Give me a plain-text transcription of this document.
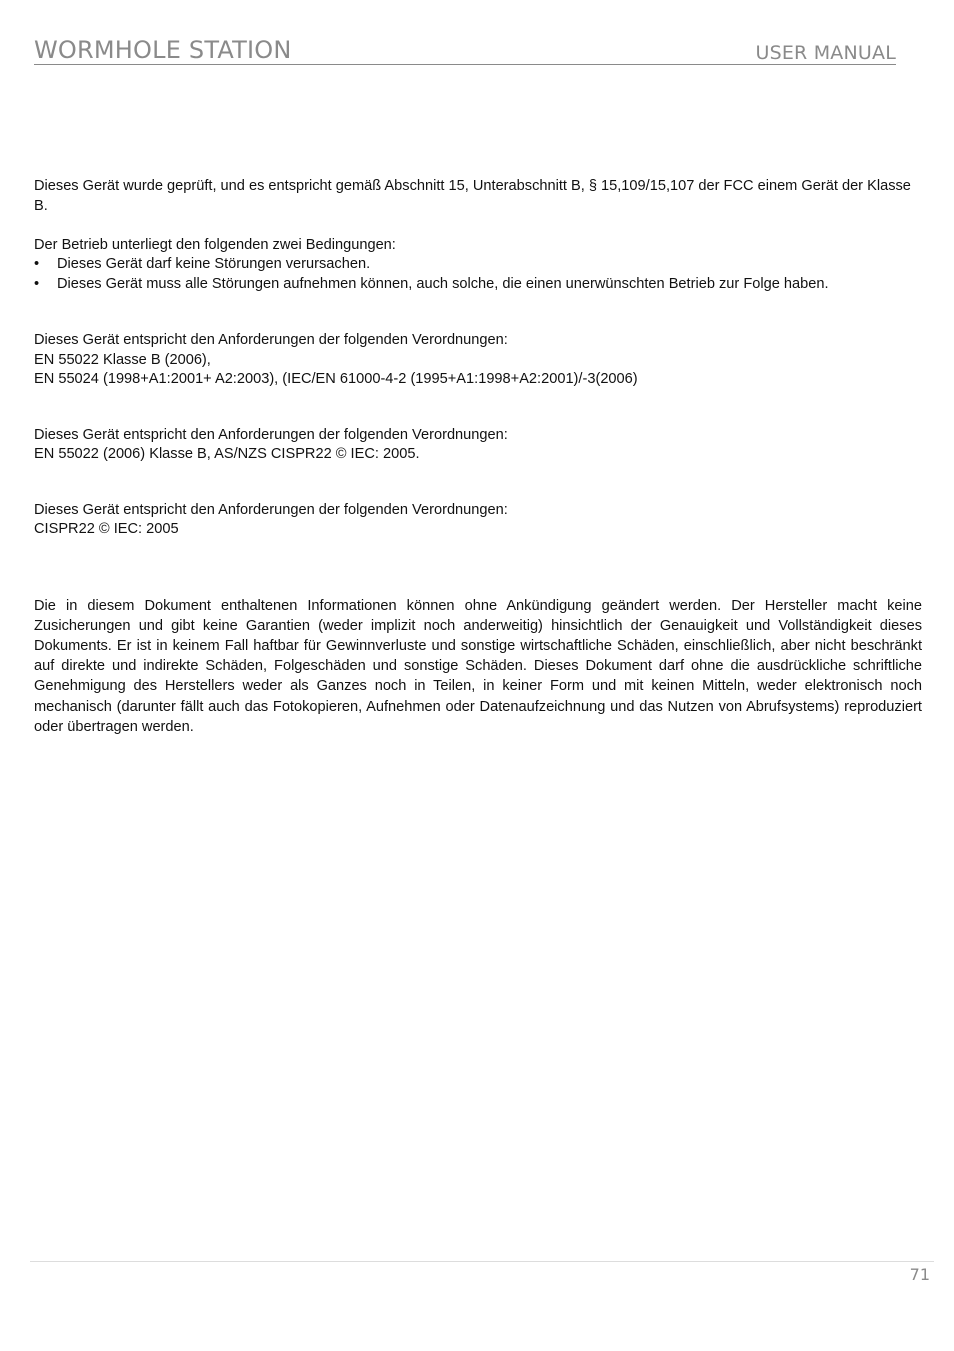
WORMHOLE STATION	USER MANUAL

Dieses Gerät wurde geprüft, und es entspricht gemäß Abschnitt 15, Unterabschnitt B, § 15,109/15,107 der FCC einem Gerät der Klasse B.

Der Betrieb unterliegt den folgenden zwei Bedingungen:

• Dieses Gerät darf keine Störungen verursachen.
• Dieses Gerät muss alle Störungen aufnehmen können, auch solche, die einen unerwünschten Betrieb zur Folge haben.

Dieses Gerät entspricht den Anforderungen der folgenden Verordnungen:

EN 55022 Klasse B (2006),

EN 55024 (1998+A1:2001+ A2:2003), (IEC/EN 61000-4-2 (1995+A1:1998+A2:2001)/-3(2006)

Dieses Gerät entspricht den Anforderungen der folgenden Verordnungen:

EN 55022 (2006) Klasse B, AS/NZS CISPR22 © IEC: 2005.

Dieses Gerät entspricht den Anforderungen der folgenden Verordnungen:

CISPR22 © IEC: 2005

Die in diesem Dokument enthaltenen Informationen können ohne Ankündigung geändert werden. Der Hersteller macht keine Zusicherungen und gibt keine Garantien (weder implizit noch anderweitig) hinsichtlich der Genauigkeit und Vollständigkeit dieses Dokuments. Er ist in keinem Fall haftbar für Gewinnverluste und sonstige wirtschaftliche Schäden, einschließlich, aber nicht beschränkt auf direkte und indirekte Schäden, Folgeschäden und sonstige Schäden. Dieses Dokument darf ohne die ausdrückliche schriftliche Genehmigung des Herstellers weder als Ganzes noch in Teilen, in keiner Form und mit keinen Mitteln, weder elektronisch noch mechanisch (darunter fällt auch das Fotokopieren, Aufnehmen oder Datenaufzeichnung und das Nutzen von Abrufsystems) reproduziert oder übertragen werden.

71
